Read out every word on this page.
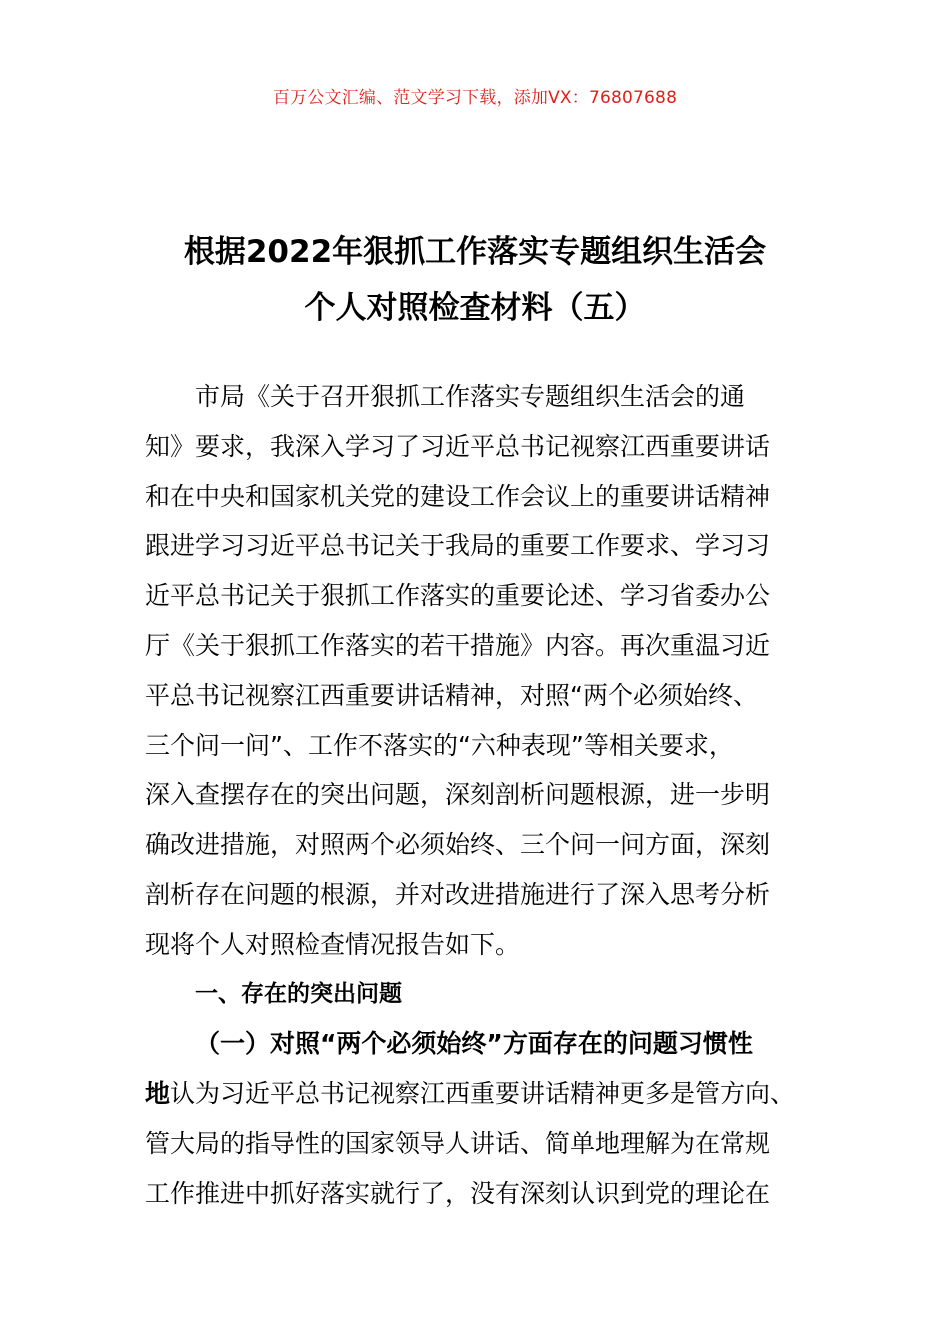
百万公文汇编、范文学习下载，添加VX：76807688
根据2022年狠抓工作落实专题组织生活会
个人对照检查材料（五）
市局《关于召开狠抓工作落实专题组织生活会的通
知》要求，我深入学习了习近平总书记视察江西重要讲话
和在中央和国家机关党的建设工作会议上的重要讲话精神
跟进学习习近平总书记关于我局的重要工作要求、学习习
近平总书记关于狠抓工作落实的重要论述、学习省委办公
厅《关于狠抓工作落实的若干措施》内容。再次重温习近
平总书记视察江西重要讲话精神，对照“两个必须始终、
三个问一问”、工作不落实的“六种表现”等相关要求，
深入查摆存在的突出问题，深刻剖析问题根源，进一步明
确改进措施，对照两个必须始终、三个问一问方面，深刻
剖析存在问题的根源，并对改进措施进行了深入思考分析
现将个人对照检查情况报告如下。
一、存在的突出问题
（一）对照“两个必须始终”方面存在的问题习惯性
地认为习近平总书记视察江西重要讲话精神更多是管方向、
管大局的指导性的国家领导人讲话、简单地理解为在常规
工作推进中抓好落实就行了，没有深刻认识到党的理论在
